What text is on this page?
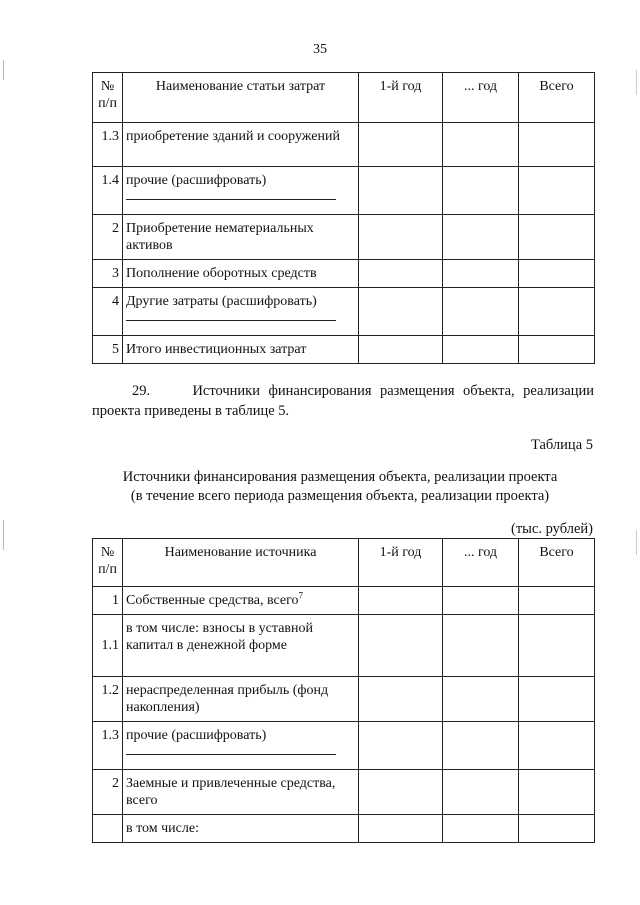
35
№ п/п	Наименование статьи затрат	1-й год	... год	Всего
1.3	приобретение зданий и сооружений			
1.4	прочие (расшифровать)

2	Приобретение нематериальных активов			
3	Пополнение оборотных средств			
4	Другие затраты (расшифровать)

5	Итого инвестиционных затрат			
29.	Источники финансирования размещения объекта, реализации проекта приведены в таблице 5.
Таблица 5
Источники финансирования размещения объекта, реализации проекта
(в течение всего периода размещения объекта, реализации проекта)
(тыс. рублей)
№ п/п	Наименование источника	1-й год	... год	Всего
1	Собственные средства, всего$^7$			
1.1	в том числе: взносы в уставной капитал в денежной форме			
1.2	нераспределенная прибыль (фонд накопления)			
1.3	прочие (расшифровать)

2	Заемные и привлеченные средства, всего			
	в том числе:			
